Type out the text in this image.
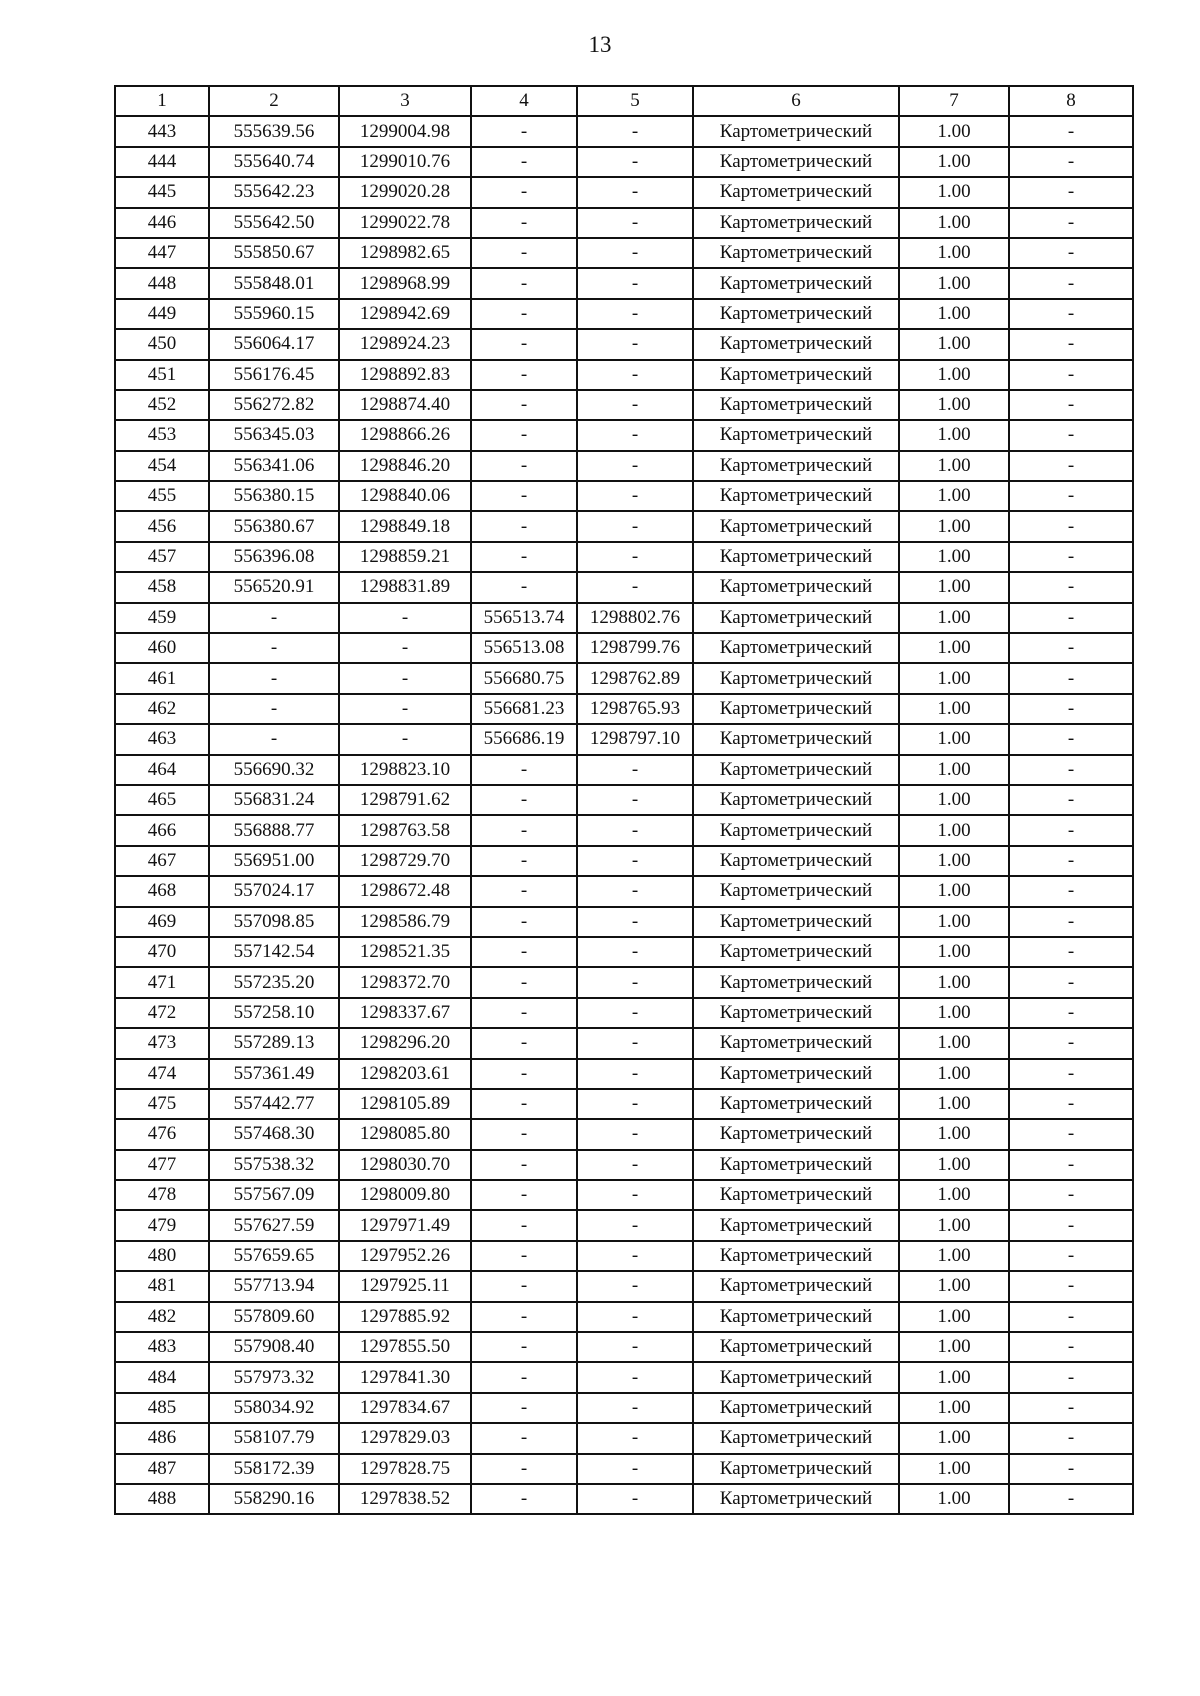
13
1	2	3	4	5	6	7	8
443	555639.56	1299004.98	-	-	Картометрический	1.00	-
444	555640.74	1299010.76	-	-	Картометрический	1.00	-
445	555642.23	1299020.28	-	-	Картометрический	1.00	-
446	555642.50	1299022.78	-	-	Картометрический	1.00	-
447	555850.67	1298982.65	-	-	Картометрический	1.00	-
448	555848.01	1298968.99	-	-	Картометрический	1.00	-
449	555960.15	1298942.69	-	-	Картометрический	1.00	-
450	556064.17	1298924.23	-	-	Картометрический	1.00	-
451	556176.45	1298892.83	-	-	Картометрический	1.00	-
452	556272.82	1298874.40	-	-	Картометрический	1.00	-
453	556345.03	1298866.26	-	-	Картометрический	1.00	-
454	556341.06	1298846.20	-	-	Картометрический	1.00	-
455	556380.15	1298840.06	-	-	Картометрический	1.00	-
456	556380.67	1298849.18	-	-	Картометрический	1.00	-
457	556396.08	1298859.21	-	-	Картометрический	1.00	-
458	556520.91	1298831.89	-	-	Картометрический	1.00	-
459	-	-	556513.74	1298802.76	Картометрический	1.00	-
460	-	-	556513.08	1298799.76	Картометрический	1.00	-
461	-	-	556680.75	1298762.89	Картометрический	1.00	-
462	-	-	556681.23	1298765.93	Картометрический	1.00	-
463	-	-	556686.19	1298797.10	Картометрический	1.00	-
464	556690.32	1298823.10	-	-	Картометрический	1.00	-
465	556831.24	1298791.62	-	-	Картометрический	1.00	-
466	556888.77	1298763.58	-	-	Картометрический	1.00	-
467	556951.00	1298729.70	-	-	Картометрический	1.00	-
468	557024.17	1298672.48	-	-	Картометрический	1.00	-
469	557098.85	1298586.79	-	-	Картометрический	1.00	-
470	557142.54	1298521.35	-	-	Картометрический	1.00	-
471	557235.20	1298372.70	-	-	Картометрический	1.00	-
472	557258.10	1298337.67	-	-	Картометрический	1.00	-
473	557289.13	1298296.20	-	-	Картометрический	1.00	-
474	557361.49	1298203.61	-	-	Картометрический	1.00	-
475	557442.77	1298105.89	-	-	Картометрический	1.00	-
476	557468.30	1298085.80	-	-	Картометрический	1.00	-
477	557538.32	1298030.70	-	-	Картометрический	1.00	-
478	557567.09	1298009.80	-	-	Картометрический	1.00	-
479	557627.59	1297971.49	-	-	Картометрический	1.00	-
480	557659.65	1297952.26	-	-	Картометрический	1.00	-
481	557713.94	1297925.11	-	-	Картометрический	1.00	-
482	557809.60	1297885.92	-	-	Картометрический	1.00	-
483	557908.40	1297855.50	-	-	Картометрический	1.00	-
484	557973.32	1297841.30	-	-	Картометрический	1.00	-
485	558034.92	1297834.67	-	-	Картометрический	1.00	-
486	558107.79	1297829.03	-	-	Картометрический	1.00	-
487	558172.39	1297828.75	-	-	Картометрический	1.00	-
488	558290.16	1297838.52	-	-	Картометрический	1.00	-
